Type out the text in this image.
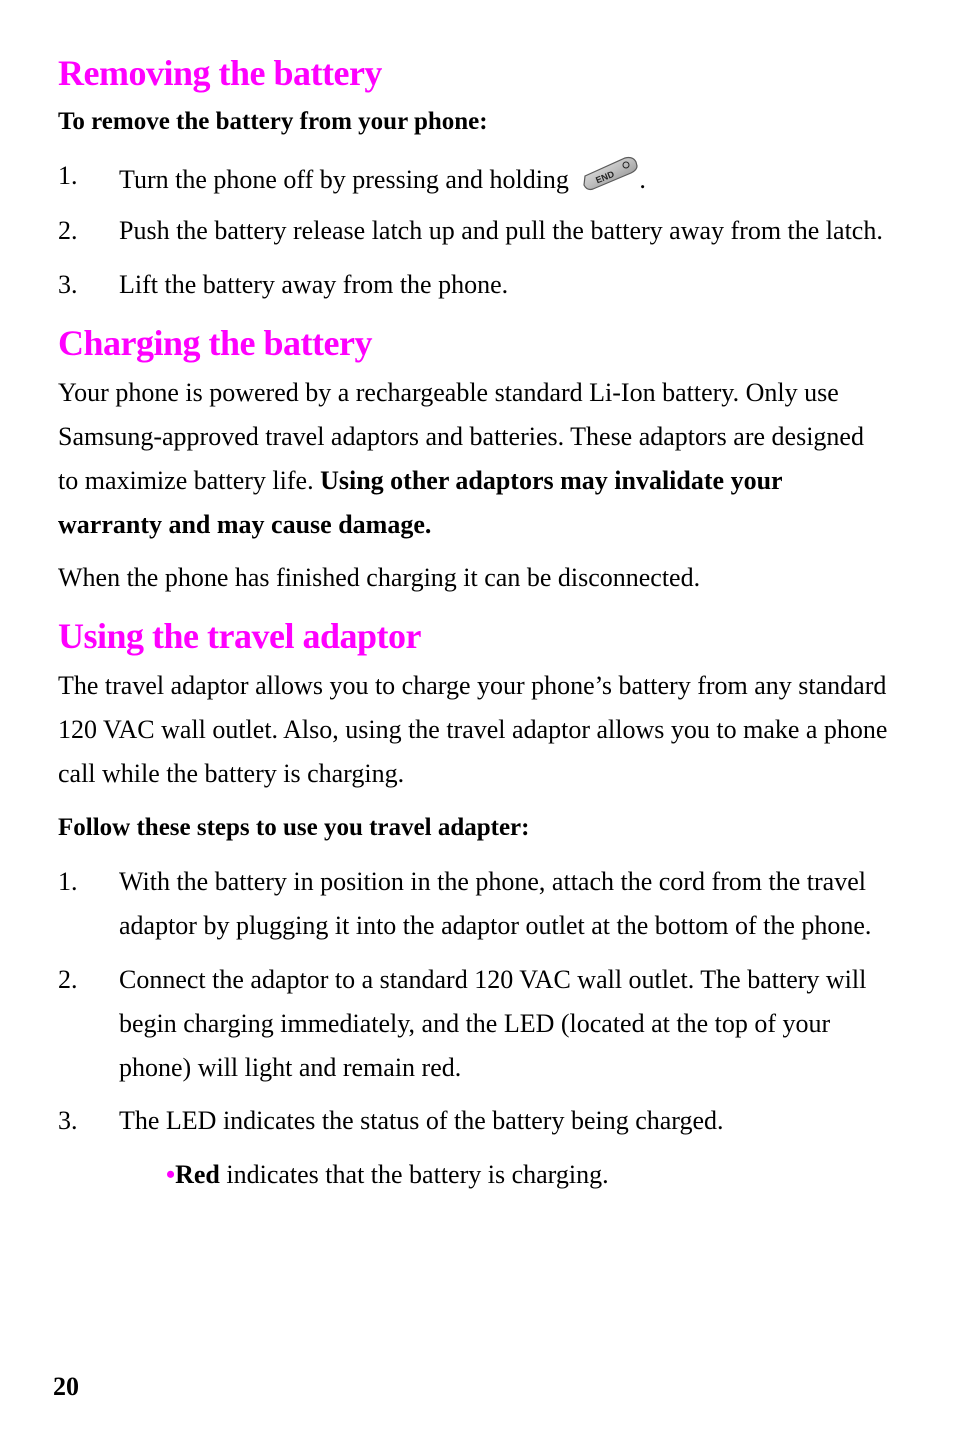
Removing the battery
To remove the battery from your phone:
1. Turn the phone off by pressing and holding	END .
2. Push the battery release latch up and pull the battery away from the latch.
3. Lift the battery away from the phone.
Charging the battery

Your phone is powered by a rechargeable standard Li-Ion battery. Only use Samsung-approved travel adaptors and batteries. These adaptors are designed to maximize battery life. Using other adaptors may invalidate your warranty and may cause damage.

When the phone has finished charging it can be disconnected.

Using the travel adaptor

The travel adaptor allows you to charge your phone’s battery from any standard 120 VAC wall outlet. Also, using the travel adaptor allows you to make a phone call while the battery is charging.

Follow these steps to use you travel adapter:
1. With the battery in position in the phone, attach the cord from the travel adaptor by plugging it into the adaptor outlet at the bottom of the phone.
2. Connect the adaptor to a standard 120 VAC wall outlet. The battery will begin charging immediately, and the LED (located at the top of your phone) will light and remain red.
3. The LED indicates the status of the battery being charged.
•Red indicates that the battery is charging.
20
